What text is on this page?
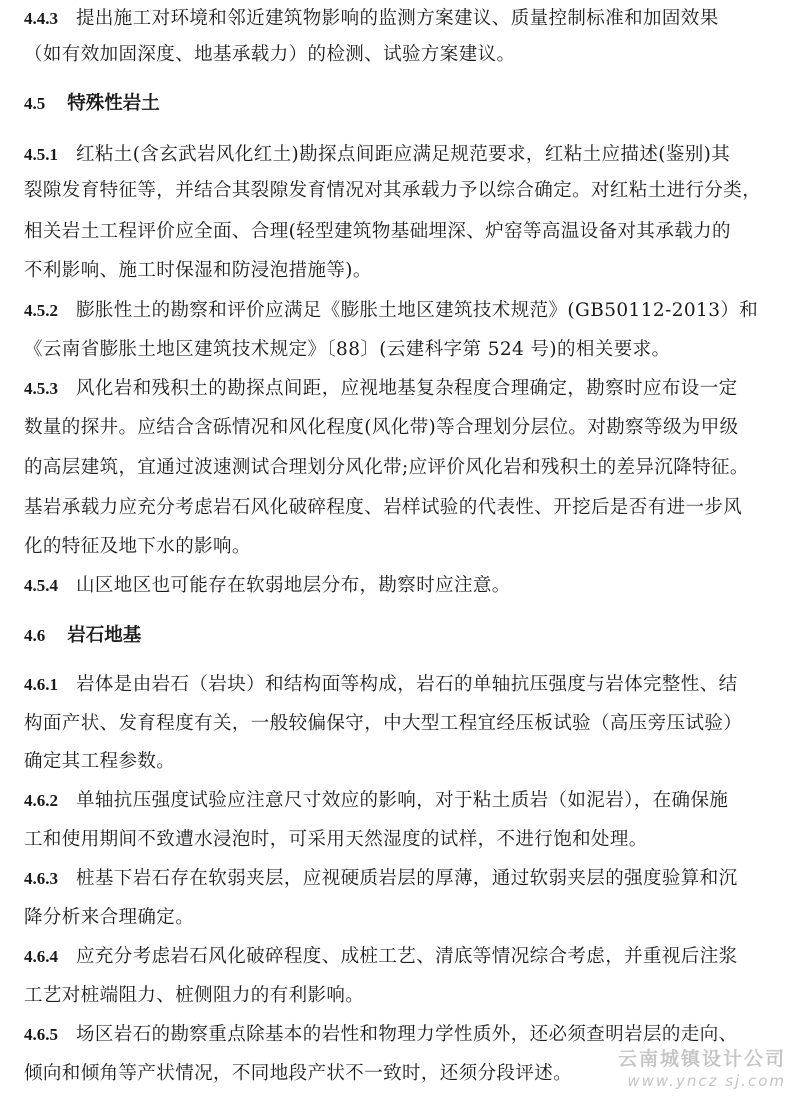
4.4.3 提出施工对环境和邻近建筑物影响的监测方案建议、质量控制标准和加固效果
（如有效加固深度、地基承载力）的检测、试验方案建议。
4.5 特殊性岩土
4.5.1 红粘土(含玄武岩风化红土)勘探点间距应满足规范要求，红粘土应描述(鉴别)其
裂隙发育特征等，并结合其裂隙发育情况对其承载力予以综合确定。对红粘土进行分类，
相关岩土工程评价应全面、合理(轻型建筑物基础埋深、炉窑等高温设备对其承载力的
不利影响、施工时保湿和防浸泡措施等)。
4.5.2 膨胀性土的勘察和评价应满足《膨胀土地区建筑技术规范》(GB50112-2013）和
《云南省膨胀土地区建筑技术规定》〔88〕(云建科字第 524 号)的相关要求。
4.5.3 风化岩和残积土的勘探点间距，应视地基复杂程度合理确定，勘察时应布设一定
数量的探井。应结合含砾情况和风化程度(风化带)等合理划分层位。对勘察等级为甲级
的高层建筑，宜通过波速测试合理划分风化带;应评价风化岩和残积土的差异沉降特征。
基岩承载力应充分考虑岩石风化破碎程度、岩样试验的代表性、开挖后是否有进一步风
化的特征及地下水的影响。
4.5.4 山区地区也可能存在软弱地层分布，勘察时应注意。
4.6 岩石地基
4.6.1 岩体是由岩石（岩块）和结构面等构成，岩石的单轴抗压强度与岩体完整性、结
构面产状、发育程度有关，一般较偏保守，中大型工程宜经压板试验（高压旁压试验）
确定其工程参数。
4.6.2 单轴抗压强度试验应注意尺寸效应的影响，对于粘土质岩（如泥岩），在确保施
工和使用期间不致遭水浸泡时，可采用天然湿度的试样，不进行饱和处理。
4.6.3 桩基下岩石存在软弱夹层，应视硬质岩层的厚薄，通过软弱夹层的强度验算和沉
降分析来合理确定。
4.6.4 应充分考虑岩石风化破碎程度、成桩工艺、清底等情况综合考虑，并重视后注浆
工艺对桩端阻力、桩侧阻力的有利影响。
4.6.5 场区岩石的勘察重点除基本的岩性和物理力学性质外，还必须查明岩层的走向、
倾向和倾角等产状情况，不同地段产状不一致时，还须分段评述。
云南城镇设计公司
www.yncz sj.com
